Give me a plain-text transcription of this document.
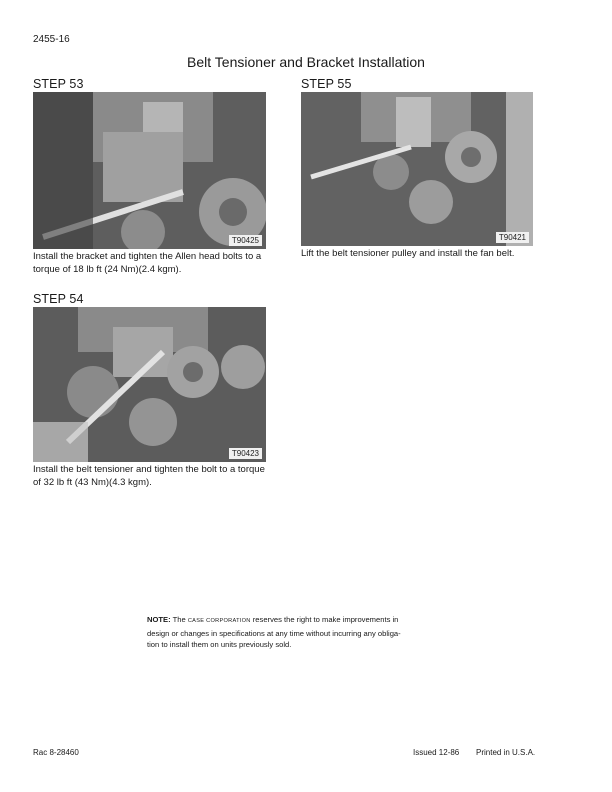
2455-16
Belt Tensioner and Bracket Installation
STEP 53
T90425
Install the bracket and tighten the Allen head bolts to a
torque of 18 lb ft (24 Nm)(2.4 kgm).
STEP 55
T90421
Lift the belt tensioner pulley and install the fan belt.
STEP 54
T90423
Install the belt tensioner and tighten the bolt to a torque
of 32 lb ft (43 Nm)(4.3 kgm).
NOTE: The CASE CORPORATION reserves the right to make improvements in
design or changes in specifications at any time without incurring any obliga-
tion to install them on units previously sold.
Rac 8-28460	Issued 12-86 Printed in U.S.A.
